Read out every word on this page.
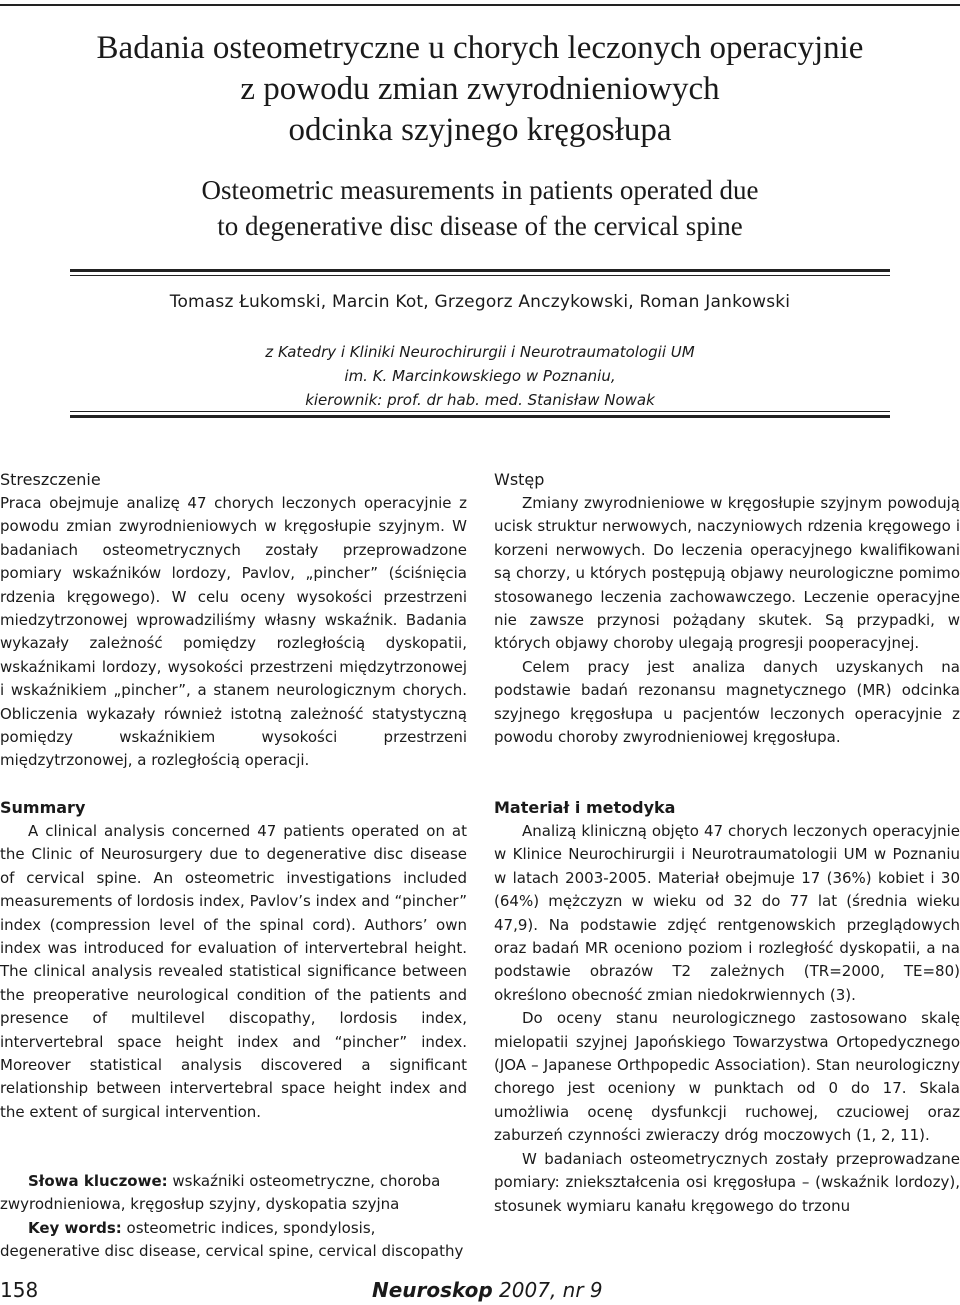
Badania osteometryczne u chorych leczonych operacyjnie
z powodu zmian zwyrodnieniowych
odcinka szyjnego kręgosłupa
Osteometric measurements in patients operated due
to degenerative disc disease of the cervical spine
Tomasz Łukomski, Marcin Kot, Grzegorz Anczykowski, Roman Jankowski
z Katedry i Kliniki Neurochirurgii i Neurotraumatologii UM
im. K. Marcinkowskiego w Poznaniu,
kierownik: prof. dr hab. med. Stanisław Nowak

Streszczenie

Praca obejmuje analizę 47 chorych leczonych operacyjnie z powodu zmian zwyrodnieniowych w kręgosłupie szyjnym. W badaniach osteometrycznych zostały przeprowadzone pomiary wskaźników lordozy, Pavlov, „pincher” (ściśnięcia rdzenia kręgowego). W celu oceny wysokości przestrzeni miedzytrzonowej wprowadziliśmy własny wskaźnik. Badania wykazały zależność pomiędzy rozległością dyskopatii, wskaźnikami lordozy, wysokości przestrzeni międzytrzonowej i wskaźnikiem „pincher”, a stanem neurologicznym chorych. Obliczenia wykazały również istotną zależność statystyczną pomiędzy wskaźnikiem wysokości przestrzeni międzytrzonowej, a rozległością operacji.

Summary

A clinical analysis concerned 47 patients operated on at the Clinic of Neurosurgery due to degenerative disc disease of cervical spine. An osteometric investigations included measurements of lordosis index, Pavlov’s index and “pincher” index (compression level of the spinal cord). Authors’ own index was introduced for evaluation of intervertebral height. The clinical analysis revealed statistical significance between the preoperative neurological condition of the patients and presence of multilevel discopathy, lordosis index, intervertebral space height index and “pincher” index. Moreover statistical analysis discovered a significant relationship between intervertebral space height index and the extent of surgical intervention.

Słowa kluczowe: wskaźniki osteometryczne, choroba zwyrodnieniowa, kręgosłup szyjny, dyskopatia szyjna

Key words: osteometric indices, spondylosis, degenerative disc disease, cervical spine, cervical discopathy

Wstęp

Zmiany zwyrodnieniowe w kręgosłupie szyjnym powodują ucisk struktur nerwowych, naczyniowych rdzenia kręgowego i korzeni nerwowych. Do leczenia operacyjnego kwalifikowani są chorzy, u których postępują objawy neurologiczne pomimo stosowanego leczenia zachowawczego. Leczenie operacyjne nie zawsze przynosi pożądany skutek. Są przypadki, w których objawy choroby ulegają progresji pooperacyjnej.

Celem pracy jest analiza danych uzyskanych na podstawie badań rezonansu magnetycznego (MR) odcinka szyjnego kręgosłupa u pacjentów leczonych operacyjnie z powodu choroby zwyrodnieniowej kręgosłupa.

Materiał i metodyka

Analizą kliniczną objęto 47 chorych leczonych operacyjnie w Klinice Neurochirurgii i Neurotraumatologii UM w Poznaniu w latach 2003-2005. Materiał obejmuje 17 (36%) kobiet i 30 (64%) mężczyzn w wieku od 32 do 77 lat (średnia wieku 47,9). Na podstawie zdjęć rentgenowskich przeglądowych oraz badań MR oceniono poziom i rozległość dyskopatii, a na podstawie obrazów T2 zależnych (TR=2000, TE=80) określono obecność zmian niedokrwiennych (3).

Do oceny stanu neurologicznego zastosowano skalę mielopatii szyjnej Japońskiego Towarzystwa Ortopedycznego (JOA – Japanese Orthpopedic Association). Stan neurologiczny chorego jest oceniony w punktach od 0 do 17. Skala umożliwia ocenę dysfunkcji ruchowej, czuciowej oraz zaburzeń czynności zwieraczy dróg moczowych (1, 2, 11).

W badaniach osteometrycznych zostały przeprowadzane pomiary: zniekształcenia osi kręgosłupa – (wskaźnik lordozy), stosunek wymiaru kanału kręgowego do trzonu

158	Neuroskop 2007, nr 9
